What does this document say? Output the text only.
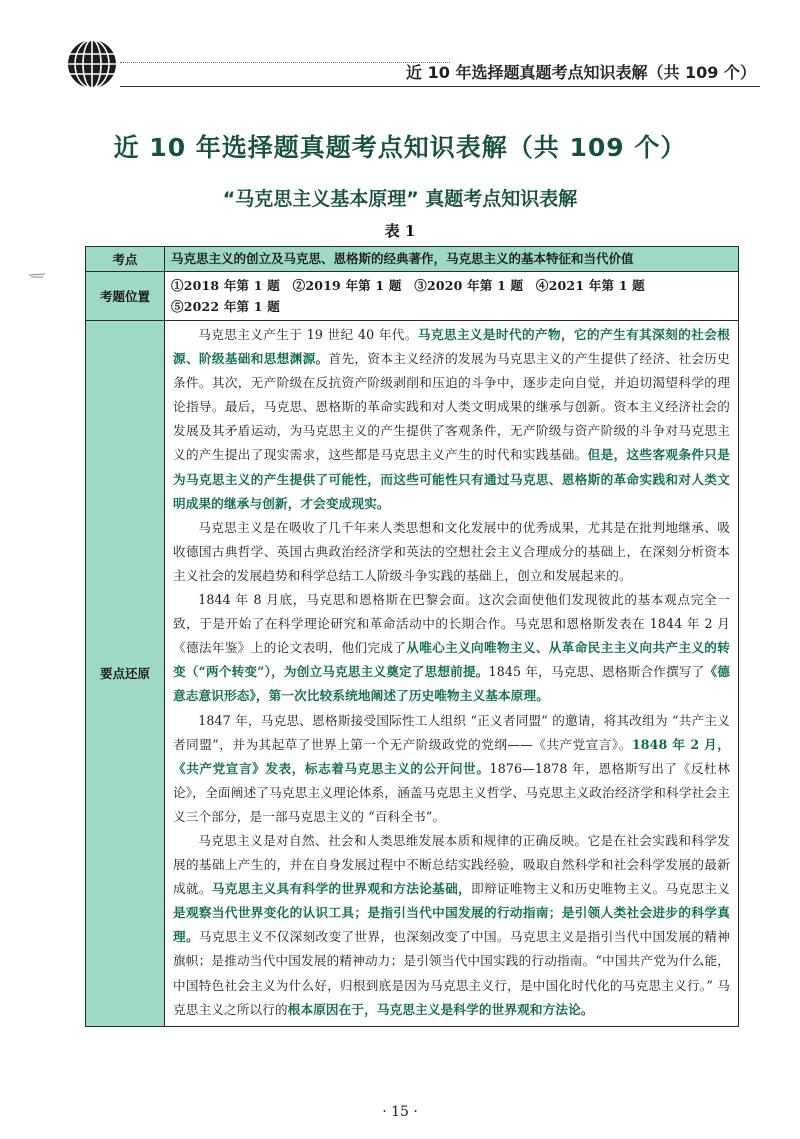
近 10 年选择题真题考点知识表解（共 109 个）
近 10 年选择题真题考点知识表解（共 109 个）
“马克思主义基本原理” 真题考点知识表解
表 1
考点	马克思主义的创立及马克思、恩格斯的经典著作，马克思主义的基本特征和当代价值
考题位置	①2018 年第 1 题　②2019 年第 1 题　③2020 年第 1 题　④2021 年第 1 题
⑤2022 年第 1 题

要点还原	马克思主义产生于 19 世纪 40 年代。马克思主义是时代的产物，它的产生有其深刻的社会根源、阶级基础和思想渊源。首先，资本主义经济的发展为马克思主义的产生提供了经济、社会历史条件。其次，无产阶级在反抗资产阶级剥削和压迫的斗争中，逐步走向自觉，并迫切渴望科学的理论指导。最后，马克思、恩格斯的革命实践和对人类文明成果的继承与创新。资本主义经济社会的发展及其矛盾运动，为马克思主义的产生提供了客观条件，无产阶级与资产阶级的斗争对马克思主义的产生提出了现实需求，这些都是马克思主义产生的时代和实践基础。但是，这些客观条件只是为马克思主义的产生提供了可能性，而这些可能性只有通过马克思、恩格斯的革命实践和对人类文明成果的继承与创新，才会变成现实。

马克思主义是在吸收了几千年来人类思想和文化发展中的优秀成果，尤其是在批判地继承、吸收德国古典哲学、英国古典政治经济学和英法的空想社会主义合理成分的基础上，在深刻分析资本主义社会的发展趋势和科学总结工人阶级斗争实践的基础上，创立和发展起来的。

1844 年 8 月底，马克思和恩格斯在巴黎会面。这次会面使他们发现彼此的基本观点完全一致，于是开始了在科学理论研究和革命活动中的长期合作。马克思和恩格斯发表在 1844 年 2 月《德法年鉴》上的论文表明，他们完成了从唯心主义向唯物主义、从革命民主主义向共产主义的转变（“两个转变”），为创立马克思主义奠定了思想前提。1845 年，马克思、恩格斯合作撰写了《德意志意识形态》，第一次比较系统地阐述了历史唯物主义基本原理。

1847 年，马克思、恩格斯接受国际性工人组织 “正义者同盟” 的邀请，将其改组为 “共产主义者同盟”，并为其起草了世界上第一个无产阶级政党的党纲——《共产党宣言》。1848 年 2 月，《共产党宣言》发表，标志着马克思主义的公开问世。1876—1878 年，恩格斯写出了《反杜林论》，全面阐述了马克思主义理论体系，涵盖马克思主义哲学、马克思主义政治经济学和科学社会主义三个部分，是一部马克思主义的 “百科全书”。

马克思主义是对自然、社会和人类思维发展本质和规律的正确反映。它是在社会实践和科学发展的基础上产生的，并在自身发展过程中不断总结实践经验，吸取自然科学和社会科学发展的最新成就。马克思主义具有科学的世界观和方法论基础，即辩证唯物主义和历史唯物主义。马克思主义是观察当代世界变化的认识工具；是指引当代中国发展的行动指南；是引领人类社会进步的科学真理。马克思主义不仅深刻改变了世界，也深刻改变了中国。马克思主义是指引当代中国发展的精神旗帜；是推动当代中国发展的精神动力；是引领当代中国实践的行动指南。“中国共产党为什么能，中国特色社会主义为什么好，归根到底是因为马克思主义行，是中国化时代化的马克思主义行。” 马克思主义之所以行的根本原因在于，马克思主义是科学的世界观和方法论。

· 15 ·
